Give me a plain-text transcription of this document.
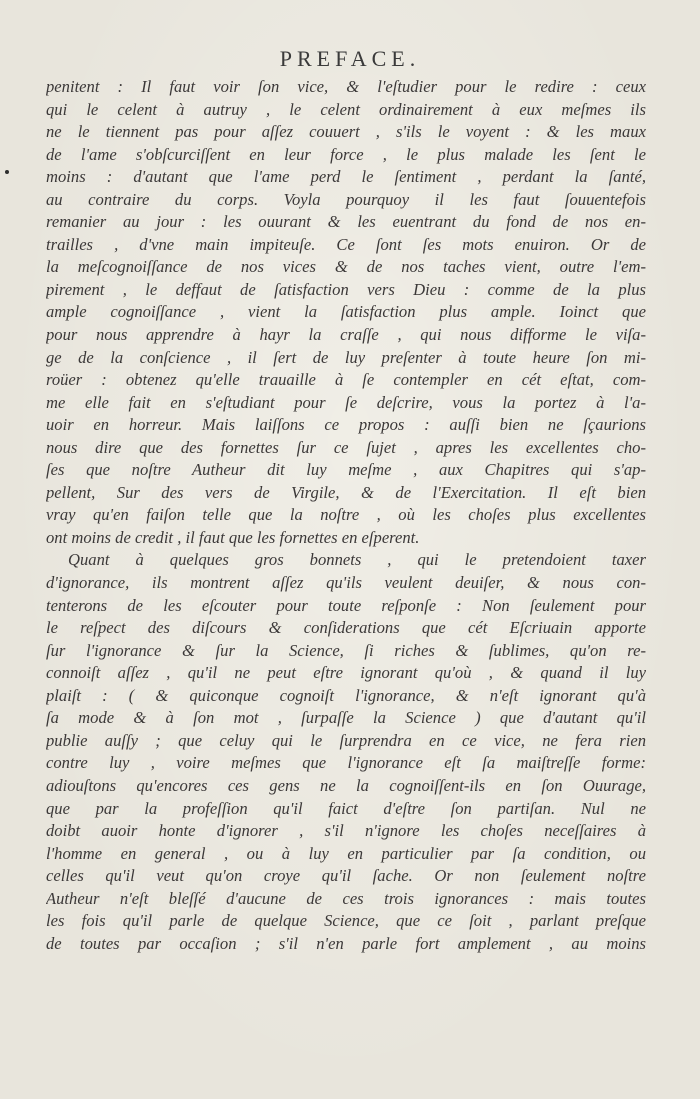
PREFACE.
penitent : Il faut voir ſon vice, & l'eſtudier pour le redire : ceux
qui le celent à autruy , le celent ordinairement à eux meſmes ils
ne le tiennent pas pour aſſez couuert , s'ils le voyent : & les maux
de l'ame s'obſcurciſſent en leur force , le plus malade les ſent le
moins : d'autant que l'ame perd le ſentiment , perdant la ſanté,
au contraire du corps. Voyla pourquoy il les faut ſouuentefois
remanier au jour : les ouurant & les euentrant du fond de nos en-
trailles , d'vne main impiteuſe. Ce ſont ſes mots enuiron. Or de
la meſcognoiſſance de nos vices & de nos taches vient, outre l'em-
pirement , le deffaut de ſatisfaction vers Dieu : comme de la plus
ample cognoiſſance , vient la ſatisfaction plus ample. Ioinct que
pour nous apprendre à hayr la craſſe , qui nous difforme le viſa-
ge de la conſcience , il ſert de luy preſenter à toute heure ſon mi-
roüer : obtenez qu'elle trauaille à ſe contempler en cét eſtat, com-
me elle fait en s'eſtudiant pour ſe deſcrire, vous la portez à l'a-
uoir en horreur. Mais laiſſons ce propos : auſſi bien ne ſçaurions
nous dire que des fornettes ſur ce ſujet , apres les excellentes cho-
ſes que noſtre Autheur dit luy meſme , aux Chapitres qui s'ap-
pellent, Sur des vers de Virgile, & de l'Exercitation. Il eſt bien
vray qu'en faiſon telle que la noſtre , où les choſes plus excellentes
ont moins de credit , il faut que les fornettes en eſperent.
Quant à quelques gros bonnets , qui le pretendoient taxer
d'ignorance, ils montrent aſſez qu'ils veulent deuiſer, & nous con-
tenterons de les eſcouter pour toute reſponſe : Non ſeulement pour
le reſpect des diſcours & conſiderations que cét Eſcriuain apporte
ſur l'ignorance & ſur la Science, ſi riches & ſublimes, qu'on re-
connoiſt aſſez , qu'il ne peut eſtre ignorant qu'où , & quand il luy
plaiſt : ( & quiconque cognoiſt l'ignorance, & n'eſt ignorant qu'à
ſa mode & à ſon mot , ſurpaſſe la Science ) que d'autant qu'il
publie auſſy ; que celuy qui le ſurprendra en ce vice, ne fera rien
contre luy , voire meſmes que l'ignorance eſt ſa maiſtreſſe forme:
adiouſtons qu'encores ces gens ne la cognoiſſent-ils en ſon Ouurage,
que par la profeſſion qu'il faict d'eſtre ſon partiſan. Nul ne
doibt auoir honte d'ignorer , s'il n'ignore les choſes neceſſaires à
l'homme en general , ou à luy en particulier par ſa condition, ou
celles qu'il veut qu'on croye qu'il ſache. Or non ſeulement noſtre
Autheur n'eſt bleſſé d'aucune de ces trois ignorances : mais toutes
les fois qu'il parle de quelque Science, que ce ſoit , parlant preſque
de toutes par occaſion ; s'il n'en parle fort amplement , au moins
